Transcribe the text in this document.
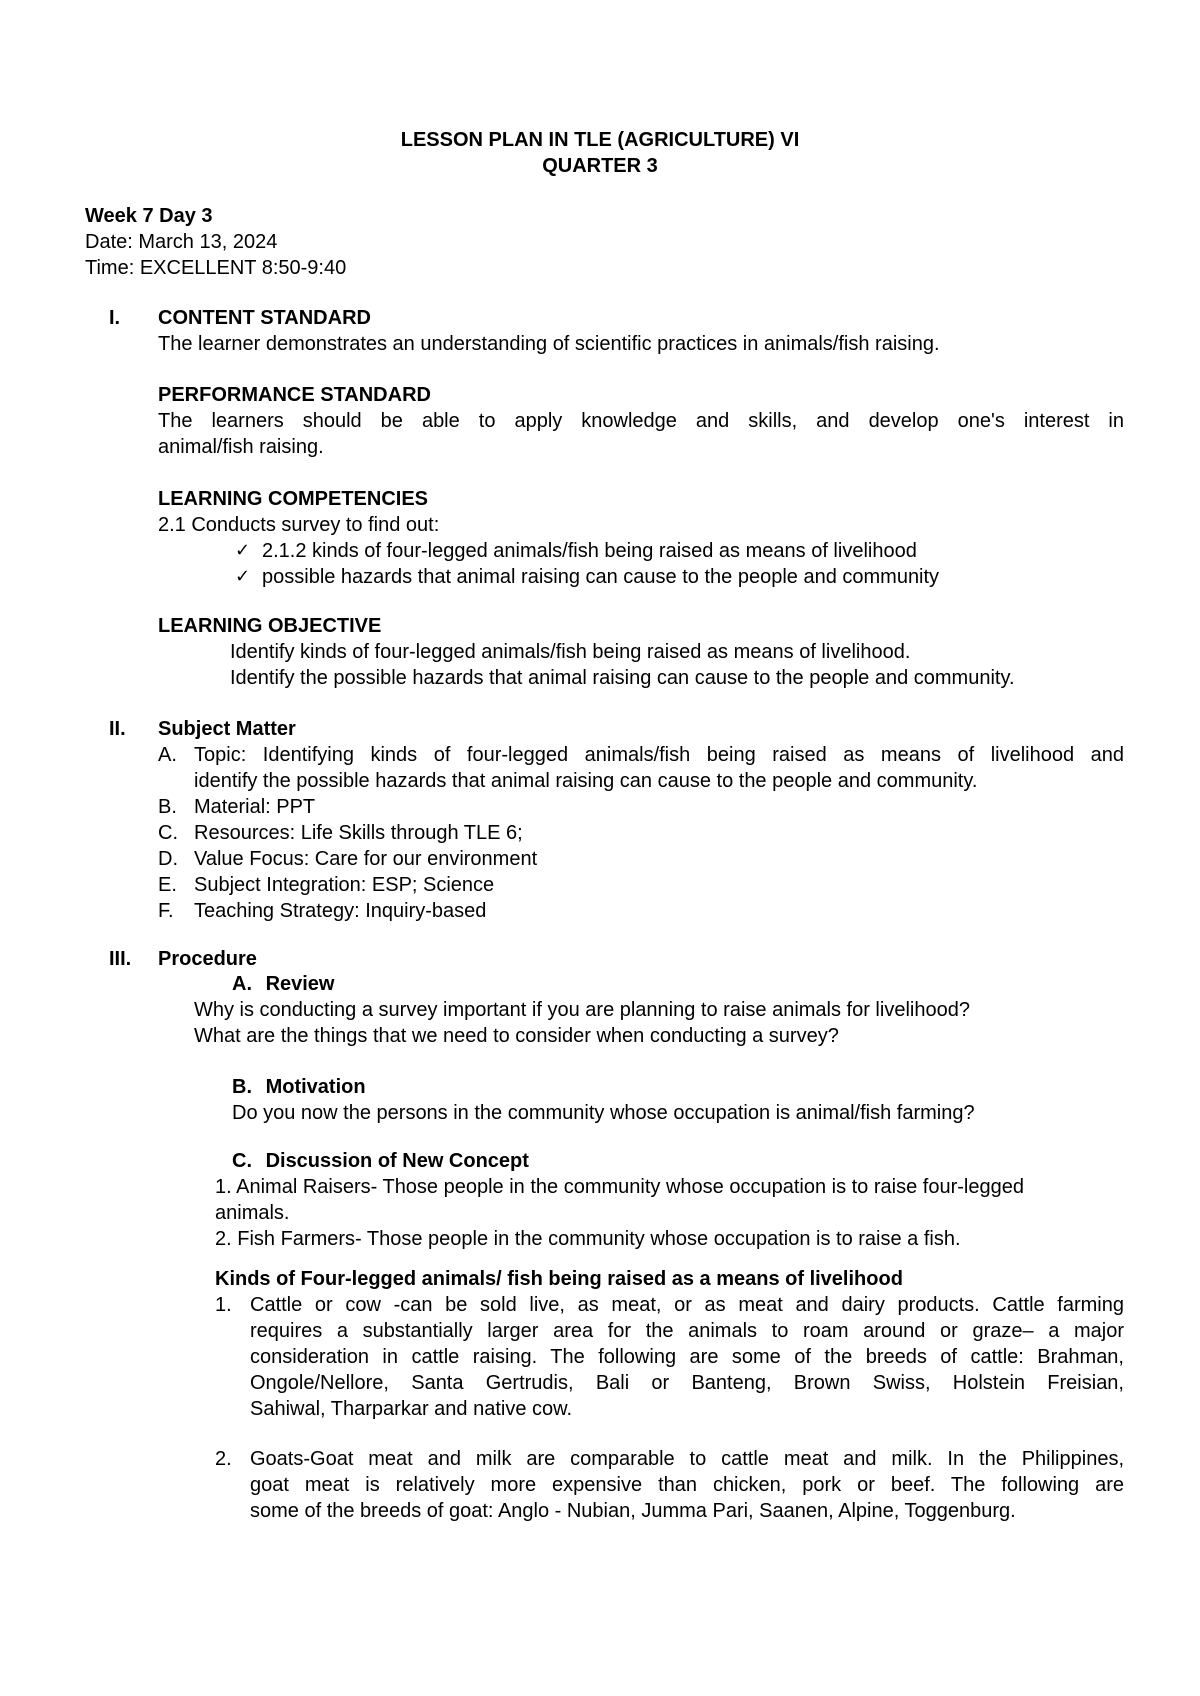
LESSON PLAN IN TLE (AGRICULTURE) VI
QUARTER 3
Week 7 Day 3
Date: March 13, 2024
Time: EXCELLENT 8:50-9:40
I. CONTENT STANDARD
The learner demonstrates an understanding of scientific practices in animals/fish raising.
PERFORMANCE STANDARD
The learners should be able to apply knowledge and skills, and develop one's interest in
animal/fish raising.
LEARNING COMPETENCIES
2.1 Conducts survey to find out:
✓ 2.1.2 kinds of four-legged animals/fish being raised as means of livelihood
✓ possible hazards that animal raising can cause to the people and community
LEARNING OBJECTIVE
Identify kinds of four-legged animals/fish being raised as means of livelihood.
Identify the possible hazards that animal raising can cause to the people and community.
II. Subject Matter
A. Topic: Identifying kinds of four-legged animals/fish being raised as means of livelihood and
identify the possible hazards that animal raising can cause to the people and community.
B. Material: PPT
C. Resources: Life Skills through TLE 6;
D. Value Focus: Care for our environment
E. Subject Integration: ESP; Science
F. Teaching Strategy: Inquiry-based
III. Procedure
A. Review
Why is conducting a survey important if you are planning to raise animals for livelihood?
What are the things that we need to consider when conducting a survey?
B. Motivation
Do you now the persons in the community whose occupation is animal/fish farming?
C. Discussion of New Concept
1. Animal Raisers- Those people in the community whose occupation is to raise four-legged
animals.
2. Fish Farmers- Those people in the community whose occupation is to raise a fish.
Kinds of Four-legged animals/ fish being raised as a means of livelihood
1. Cattle or cow -can be sold live, as meat, or as meat and dairy products. Cattle farming
requires a substantially larger area for the animals to roam around or graze– a major
consideration in cattle raising. The following are some of the breeds of cattle: Brahman,
Ongole/Nellore, Santa Gertrudis, Bali or Banteng, Brown Swiss, Holstein Freisian,
Sahiwal, Tharparkar and native cow.
2. Goats-Goat meat and milk are comparable to cattle meat and milk. In the Philippines,
goat meat is relatively more expensive than chicken, pork or beef. The following are
some of the breeds of goat: Anglo - Nubian, Jumma Pari, Saanen, Alpine, Toggenburg.
